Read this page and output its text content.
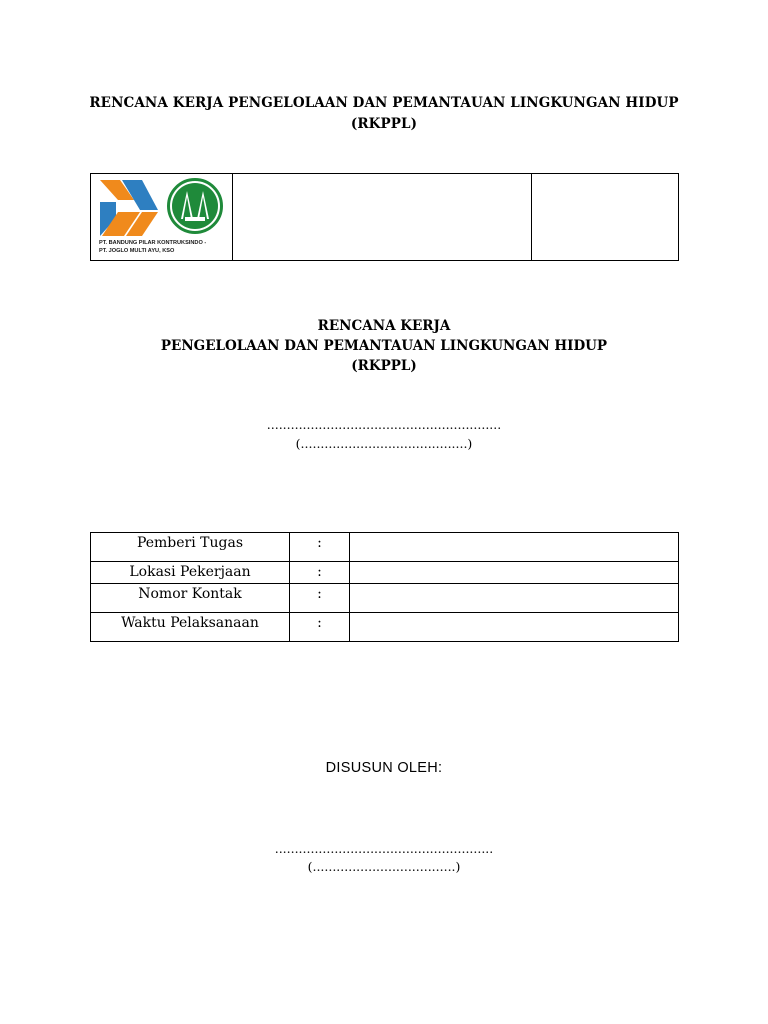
RENCANA KERJA PENGELOLAAN DAN PEMANTAUAN LINGKUNGAN HIDUP
(RKPPL)
PT. BANDUNG PILAR KONTRUKSINDO -
PT. JOGLO MULTI AYU, KSO

RENCANA KERJA
PENGELOLAAN DAN PEMANTAUAN LINGKUNGAN HIDUP
(RKPPL)
...........................................................
(..........................................)
Pemberi Tugas	:	
Lokasi Pekerjaan	:	
Nomor Kontak	:	
Waktu Pelaksanaan	:	
DISUSUN OLEH:
.......................................................
(....................................)
